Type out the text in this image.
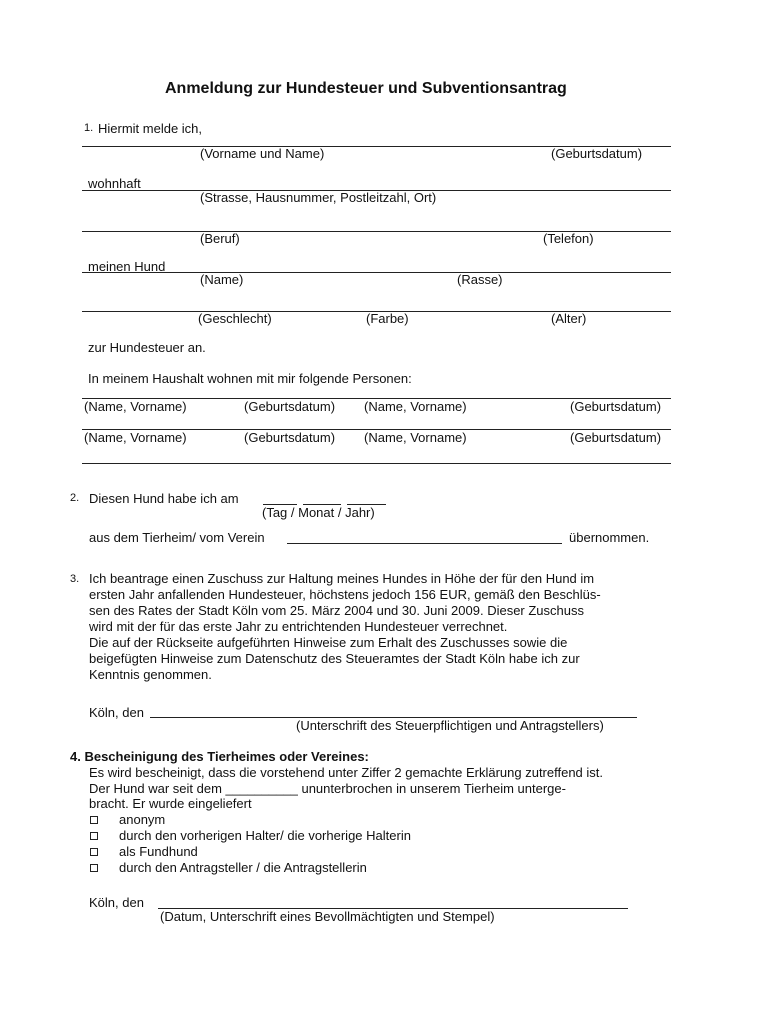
Anmeldung zur Hundesteuer und Subventionsantrag
1. Hiermit melde ich,
(Vorname und Name)	(Geburtsdatum)
wohnhaft
(Strasse, Hausnummer, Postleitzahl, Ort)
(Beruf)	(Telefon)
meinen Hund
(Name)	(Rasse)
(Geschlecht)	(Farbe)	(Alter)
zur Hundesteuer an.
In meinem Haushalt wohnen mit mir folgende Personen:
(Name, Vorname)	(Geburtsdatum) (Name, Vorname)	(Geburtsdatum)
(Name, Vorname)	(Geburtsdatum) (Name, Vorname)	(Geburtsdatum)
2. Diesen Hund habe ich am
(Tag / Monat / Jahr)
aus dem Tierheim/ vom Verein	übernommen.
3. Ich beantrage einen Zuschuss zur Haltung meines Hundes in Höhe der für den Hund im
ersten Jahr anfallenden Hundesteuer, höchstens jedoch 156 EUR, gemäß den Beschlüs-
sen des Rates der Stadt Köln vom 25. März 2004 und 30. Juni 2009. Dieser Zuschuss
wird mit der für das erste Jahr zu entrichtenden Hundesteuer verrechnet.
Die auf der Rückseite aufgeführten Hinweise zum Erhalt des Zuschusses sowie die
beigefügten Hinweise zum Datenschutz des Steueramtes der Stadt Köln habe ich zur
Kenntnis genommen.
Köln, den
(Unterschrift des Steuerpflichtigen und Antragstellers)
4. Bescheinigung des Tierheimes oder Vereines:
Es wird bescheinigt, dass die vorstehend unter Ziffer 2 gemachte Erklärung zutreffend ist.
Der Hund war seit dem __________ ununterbrochen in unserem Tierheim unterge-
bracht. Er wurde eingeliefert
anonym
durch den vorherigen Halter/ die vorherige Halterin
als Fundhund
durch den Antragsteller / die Antragstellerin
Köln, den
(Datum, Unterschrift eines Bevollmächtigten und Stempel)
